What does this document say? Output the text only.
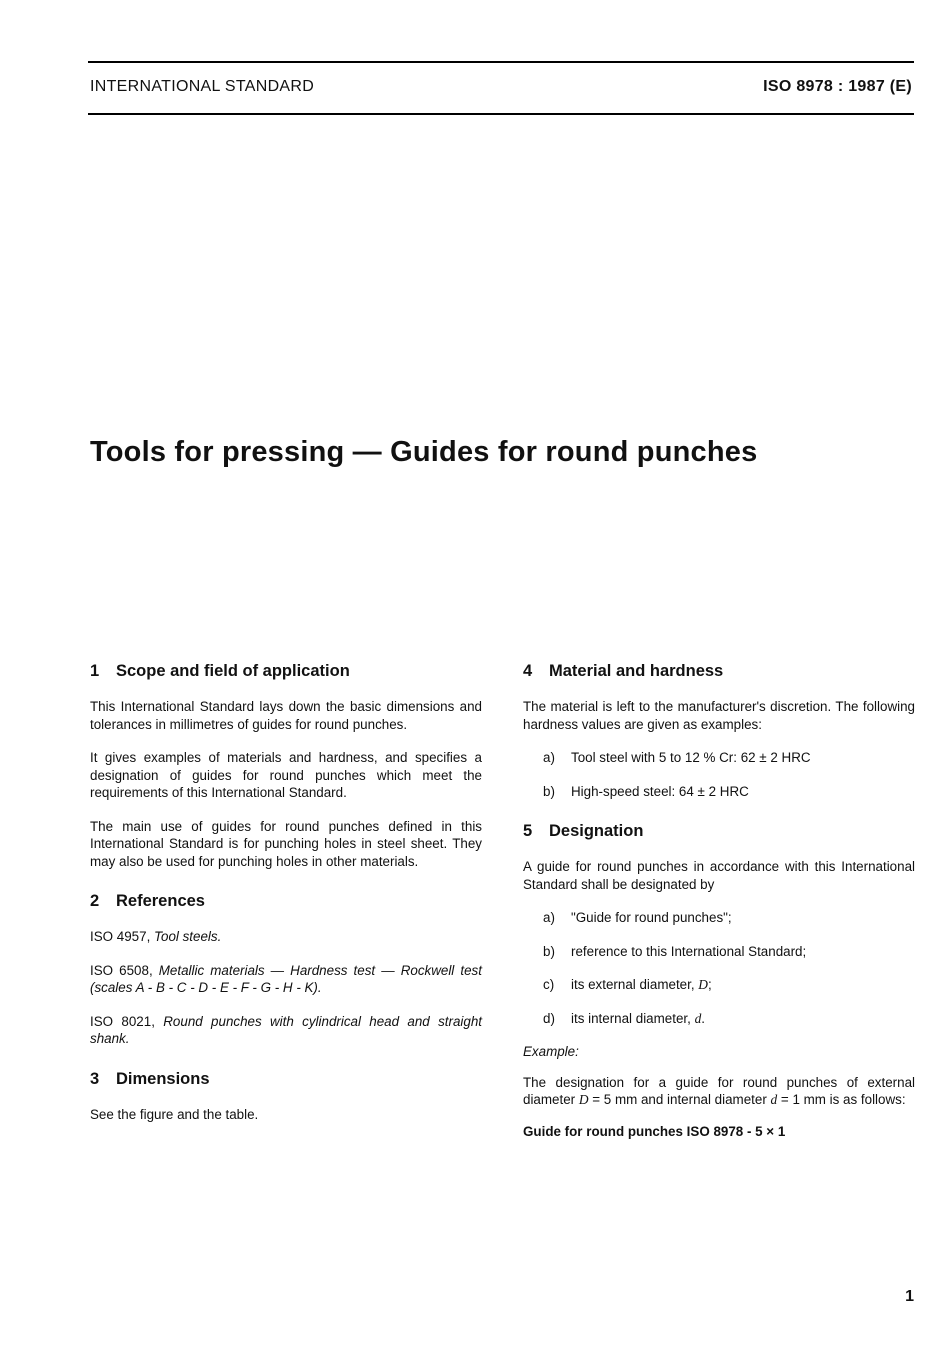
INTERNATIONAL STANDARD	ISO 8978 : 1987 (E)
Tools for pressing — Guides for round punches
1 Scope and field of application

This International Standard lays down the basic dimensions and tolerances in millimetres of guides for round punches.

It gives examples of materials and hardness, and specifies a designation of guides for round punches which meet the requirements of this International Standard.

The main use of guides for round punches defined in this International Standard is for punching holes in steel sheet. They may also be used for punching holes in other materials.

2 References

ISO 4957, Tool steels.

ISO 6508, Metallic materials — Hardness test — Rockwell test (scales A - B - C - D - E - F - G - H - K).

ISO 8021, Round punches with cylindrical head and straight shank.

3 Dimensions

See the figure and the table.

4 Material and hardness

The material is left to the manufacturer's discretion. The following hardness values are given as examples:

a)	Tool steel with 5 to 12 % Cr: 62 ± 2 HRC
b)	High-speed steel: 64 ± 2 HRC
5 Designation

A guide for round punches in accordance with this International Standard shall be designated by

a)	"Guide for round punches";
b)	reference to this International Standard;
c)	its external diameter, D;
d)	its internal diameter, d.

Example:

The designation for a guide for round punches of external diameter D = 5 mm and internal diameter d = 1 mm is as follows:

Guide for round punches ISO 8978 - 5 × 1

1
